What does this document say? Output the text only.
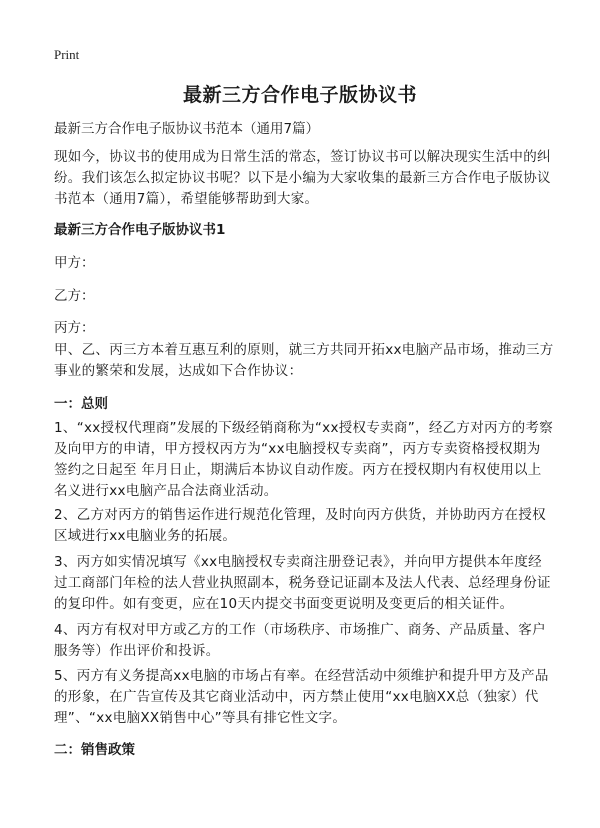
Print
最新三方合作电子版协议书
最新三方合作电子版协议书范本（通用7篇）
现如今，协议书的使用成为日常生活的常态，签订协议书可以解决现实生活中的纠纷。我们该怎么拟定协议书呢？以下是小编为大家收集的最新三方合作电子版协议书范本（通用7篇），希望能够帮助到大家。
最新三方合作电子版协议书1
甲方：
乙方：
丙方：
甲、乙、丙三方本着互惠互利的原则，就三方共同开拓xx电脑产品市场，推动三方事业的繁荣和发展，达成如下合作协议：
一：总则
1、“xx授权代理商”发展的下级经销商称为“xx授权专卖商”，经乙方对丙方的考察及向甲方的申请，甲方授权丙方为“xx电脑授权专卖商”，丙方专卖资格授权期为签约之日起至 年月日止，期满后本协议自动作废。丙方在授权期内有权使用以上名义进行xx电脑产品合法商业活动。
2、乙方对丙方的销售运作进行规范化管理，及时向丙方供货，并协助丙方在授权区域进行xx电脑业务的拓展。
3、丙方如实情况填写《xx电脑授权专卖商注册登记表》，并向甲方提供本年度经过工商部门年检的法人营业执照副本，税务登记证副本及法人代表、总经理身份证的复印件。如有变更，应在10天内提交书面变更说明及变更后的相关证件。
4、丙方有权对甲方或乙方的工作（市场秩序、市场推广、商务、产品质量、客户服务等）作出评价和投诉。
5、丙方有义务提高xx电脑的市场占有率。在经营活动中须维护和提升甲方及产品的形象，在广告宣传及其它商业活动中，丙方禁止使用“xx电脑XX总（独家）代理”、“xx电脑XX销售中心”等具有排它性文字。
二：销售政策
